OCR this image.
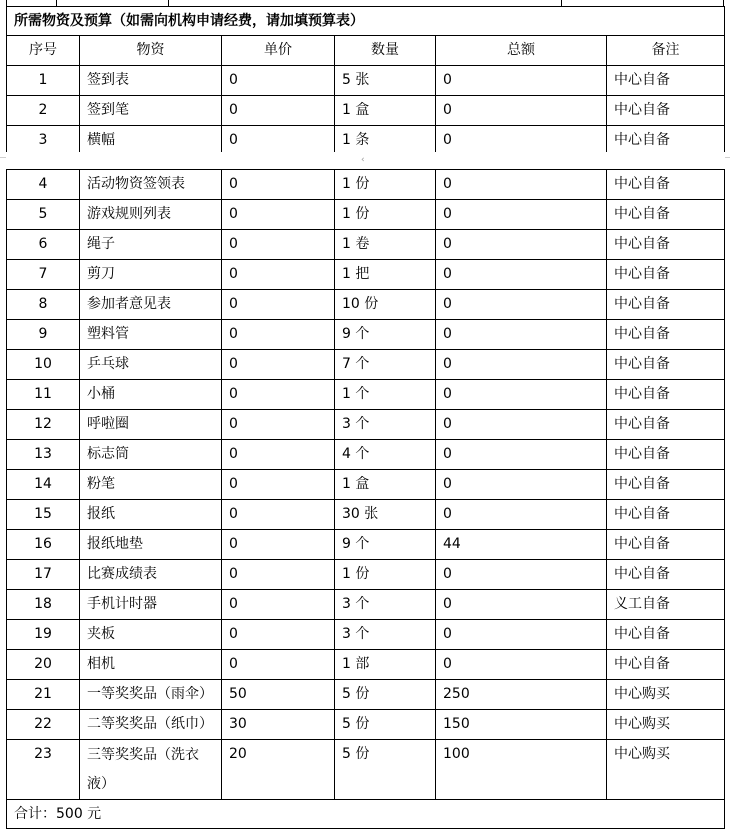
所需物资及预算（如需向机构申请经费，请加填预算表）					
序号	物资	单价	数量	总额	备注
1	签到表	0	5 张	0	中心自备
2	签到笔	0	1 盒	0	中心自备
3	横幅	0	1 条	0	中心自备
‹
4	活动物资签领表	0	1 份	0	中心自备
5	游戏规则列表	0	1 份	0	中心自备
6	绳子	0	1 卷	0	中心自备
7	剪刀	0	1 把	0	中心自备
8	参加者意见表	0	10 份	0	中心自备
9	塑料管	0	9 个	0	中心自备
10	乒乓球	0	7 个	0	中心自备
11	小桶	0	1 个	0	中心自备
12	呼啦圈	0	3 个	0	中心自备
13	标志筒	0	4 个	0	中心自备
14	粉笔	0	1 盒	0	中心自备
15	报纸	0	30 张	0	中心自备
16	报纸地垫	0	9 个	44	中心自备
17	比赛成绩表	0	1 份	0	中心自备
18	手机计时器	0	3 个	0	义工自备
19	夹板	0	3 个	0	中心自备
20	相机	0	1 部	0	中心自备
21	一等奖奖品（雨伞）	50	5 份	250	中心购买
22	二等奖奖品（纸巾）	30	5 份	150	中心购买
23	三等奖奖品（洗衣液）	20	5 份	100	中心购买
合计：500 元					
